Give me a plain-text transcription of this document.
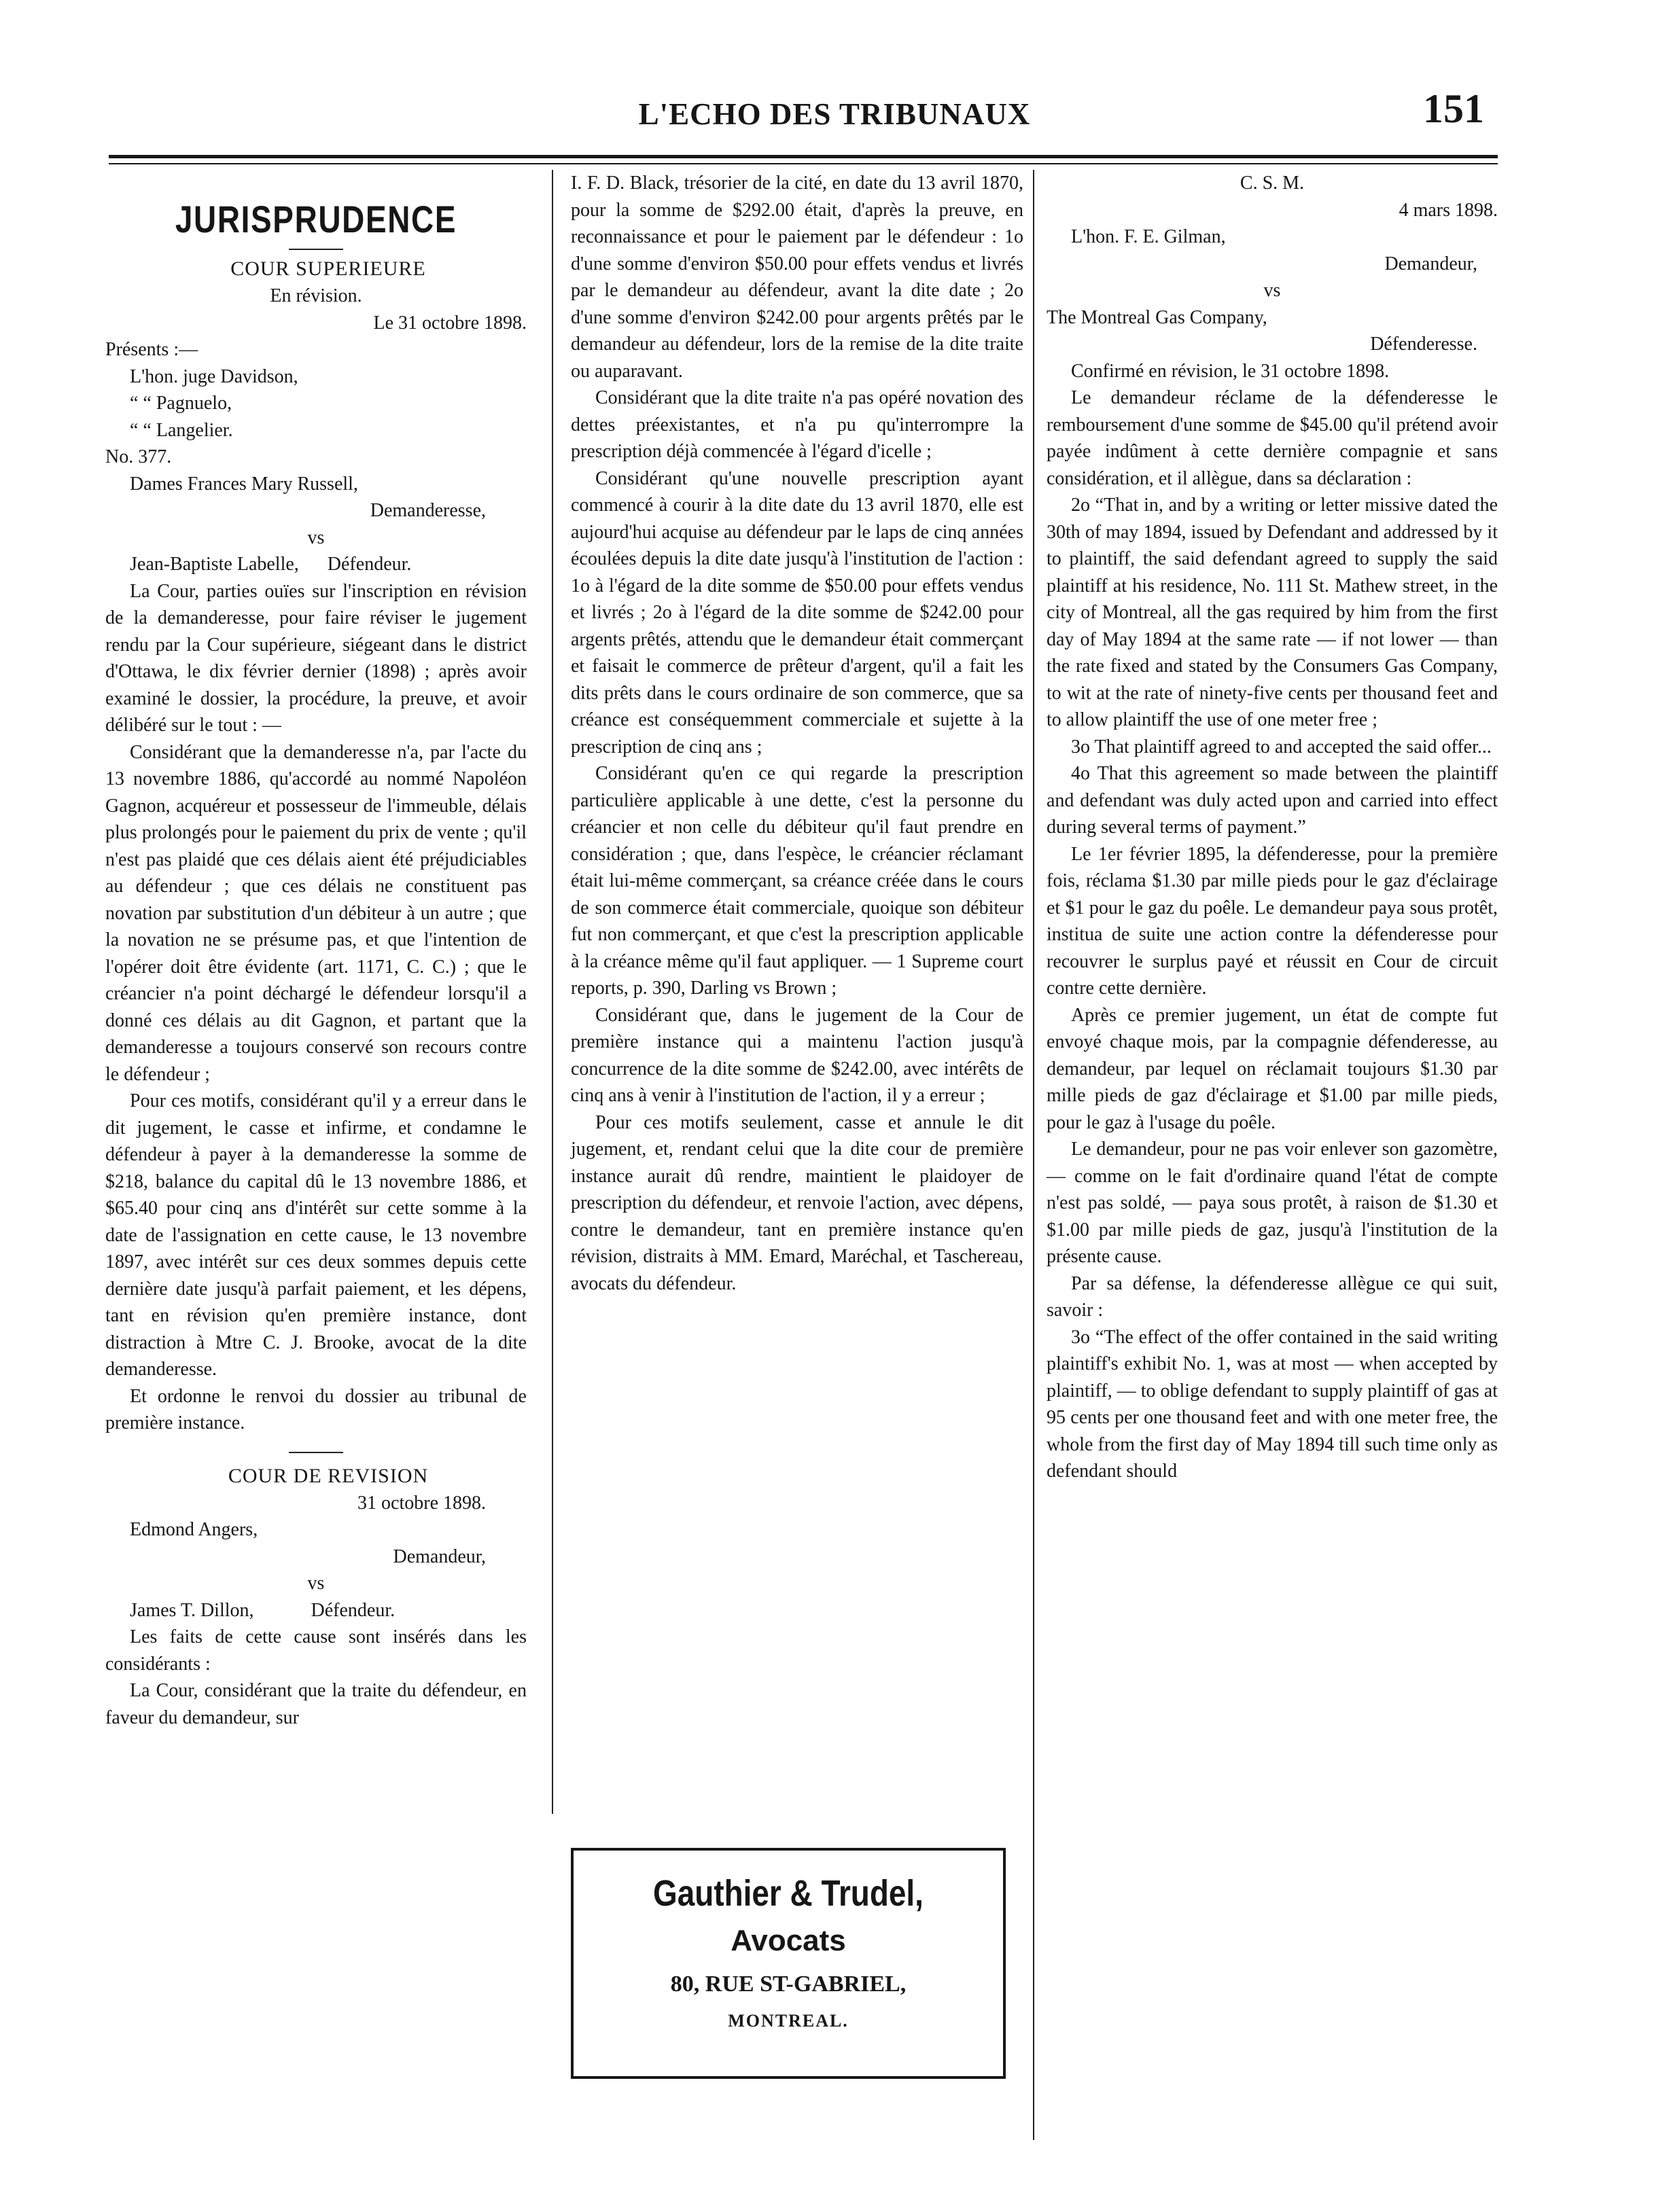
L'ECHO DES TRIBUNAUX	151
JURISPRUDENCE

COUR SUPERIEURE

En révision.

Le 31 octobre 1898.

Présents :—

L'hon. juge Davidson,

“ “ Pagnuelo,

“ “ Langelier.

No. 377.

Dames Frances Mary Russell,

Demanderesse,

vs

Jean-Baptiste Labelle,      Défendeur.

La Cour, parties ouïes sur l'inscription en révision de la demanderesse, pour faire réviser le jugement rendu par la Cour supérieure, siégeant dans le district d'Ottawa, le dix février dernier (1898) ; après avoir examiné le dossier, la procédure, la preuve, et avoir délibéré sur le tout : —

Considérant que la demanderesse n'a, par l'acte du 13 novembre 1886, qu'accordé au nommé Napoléon Gagnon, acquéreur et possesseur de l'immeuble, délais plus prolongés pour le paiement du prix de vente ; qu'il n'est pas plaidé que ces délais aient été préjudiciables au défendeur ; que ces délais ne constituent pas novation par substitution d'un débiteur à un autre ; que la novation ne se présume pas, et que l'intention de l'opérer doit être évidente (art. 1171, C. C.) ; que le créancier n'a point déchargé le défendeur lorsqu'il a donné ces délais au dit Gagnon, et partant que la demanderesse a toujours conservé son recours contre le défendeur ;

Pour ces motifs, considérant qu'il y a erreur dans le dit jugement, le casse et infirme, et condamne le défendeur à payer à la demanderesse la somme de $218, balance du capital dû le 13 novembre 1886, et $65.40 pour cinq ans d'intérêt sur cette somme à la date de l'assignation en cette cause, le 13 novembre 1897, avec intérêt sur ces deux sommes depuis cette dernière date jusqu'à parfait paiement, et les dépens, tant en révision qu'en première instance, dont distraction à Mtre C. J. Brooke, avocat de la dite demanderesse.

Et ordonne le renvoi du dossier au tribunal de première instance.

COUR DE REVISION

31 octobre 1898.

Edmond Angers,

Demandeur,

vs

James T. Dillon,            Défendeur.

Les faits de cette cause sont insérés dans les considérants :

La Cour, considérant que la traite du défendeur, en faveur du demandeur, sur

I. F. D. Black, trésorier de la cité, en date du 13 avril 1870, pour la somme de $292.00 était, d'après la preuve, en reconnaissance et pour le paiement par le défendeur : 1o d'une somme d'environ $50.00 pour effets vendus et livrés par le demandeur au défendeur, avant la dite date ; 2o d'une somme d'environ $242.00 pour argents prêtés par le demandeur au défendeur, lors de la remise de la dite traite ou auparavant.

Considérant que la dite traite n'a pas opéré novation des dettes préexistantes, et n'a pu qu'interrompre la prescription déjà commencée à l'égard d'icelle ;

Considérant qu'une nouvelle prescription ayant commencé à courir à la dite date du 13 avril 1870, elle est aujourd'hui acquise au défendeur par le laps de cinq années écoulées depuis la dite date jusqu'à l'institution de l'action : 1o à l'égard de la dite somme de $50.00 pour effets vendus et livrés ; 2o à l'égard de la dite somme de $242.00 pour argents prêtés, attendu que le demandeur était commerçant et faisait le commerce de prêteur d'argent, qu'il a fait les dits prêts dans le cours ordinaire de son commerce, que sa créance est conséquemment commerciale et sujette à la prescription de cinq ans ;

Considérant qu'en ce qui regarde la prescription particulière applicable à une dette, c'est la personne du créancier et non celle du débiteur qu'il faut prendre en considération ; que, dans l'espèce, le créancier réclamant était lui-même commerçant, sa créance créée dans le cours de son commerce était commerciale, quoique son débiteur fut non commerçant, et que c'est la prescription applicable à la créance même qu'il faut appliquer. — 1 Supreme court reports, p. 390, Darling vs Brown ;

Considérant que, dans le jugement de la Cour de première instance qui a maintenu l'action jusqu'à concurrence de la dite somme de $242.00, avec intérêts de cinq ans à venir à l'institution de l'action, il y a erreur ;

Pour ces motifs seulement, casse et annule le dit jugement, et, rendant celui que la dite cour de première instance aurait dû rendre, maintient le plaidoyer de prescription du défendeur, et renvoie l'action, avec dépens, contre le demandeur, tant en première instance qu'en révision, distraits à MM. Emard, Maréchal, et Taschereau, avocats du défendeur.

Gauthier & Trudel,
Avocats
80, RUE ST-GABRIEL,
MONTREAL.

C. S. M.

4 mars 1898.

L'hon. F. E. Gilman,

Demandeur,

vs

The Montreal Gas Company,

Défenderesse.

Confirmé en révision, le 31 octobre 1898.

Le demandeur réclame de la défenderesse le remboursement d'une somme de $45.00 qu'il prétend avoir payée indûment à cette dernière compagnie et sans considération, et il allègue, dans sa déclaration :

2o “That in, and by a writing or letter missive dated the 30th of may 1894, issued by Defendant and addressed by it to plaintiff, the said defendant agreed to supply the said plaintiff at his residence, No. 111 St. Mathew street, in the city of Montreal, all the gas required by him from the first day of May 1894 at the same rate — if not lower — than the rate fixed and stated by the Consumers Gas Company, to wit at the rate of ninety-five cents per thousand feet and to allow plaintiff the use of one meter free ;

3o That plaintiff agreed to and accepted the said offer...

4o That this agreement so made between the plaintiff and defendant was duly acted upon and carried into effect during several terms of payment.”

Le 1er février 1895, la défenderesse, pour la première fois, réclama $1.30 par mille pieds pour le gaz d'éclairage et $1 pour le gaz du poêle. Le demandeur paya sous protêt, institua de suite une action contre la défenderesse pour recouvrer le surplus payé et réussit en Cour de circuit contre cette dernière.

Après ce premier jugement, un état de compte fut envoyé chaque mois, par la compagnie défenderesse, au demandeur, par lequel on réclamait toujours $1.30 par mille pieds de gaz d'éclairage et $1.00 par mille pieds, pour le gaz à l'usage du poêle.

Le demandeur, pour ne pas voir enlever son gazomètre, — comme on le fait d'ordinaire quand l'état de compte n'est pas soldé, — paya sous protêt, à raison de $1.30 et $1.00 par mille pieds de gaz, jusqu'à l'institution de la présente cause.

Par sa défense, la défenderesse allègue ce qui suit, savoir :

3o “The effect of the offer contained in the said writing plaintiff's exhibit No. 1, was at most — when accepted by plaintiff, — to oblige defendant to supply plaintiff of gas at 95 cents per one thousand feet and with one meter free, the whole from the first day of May 1894 till such time only as defendant should
